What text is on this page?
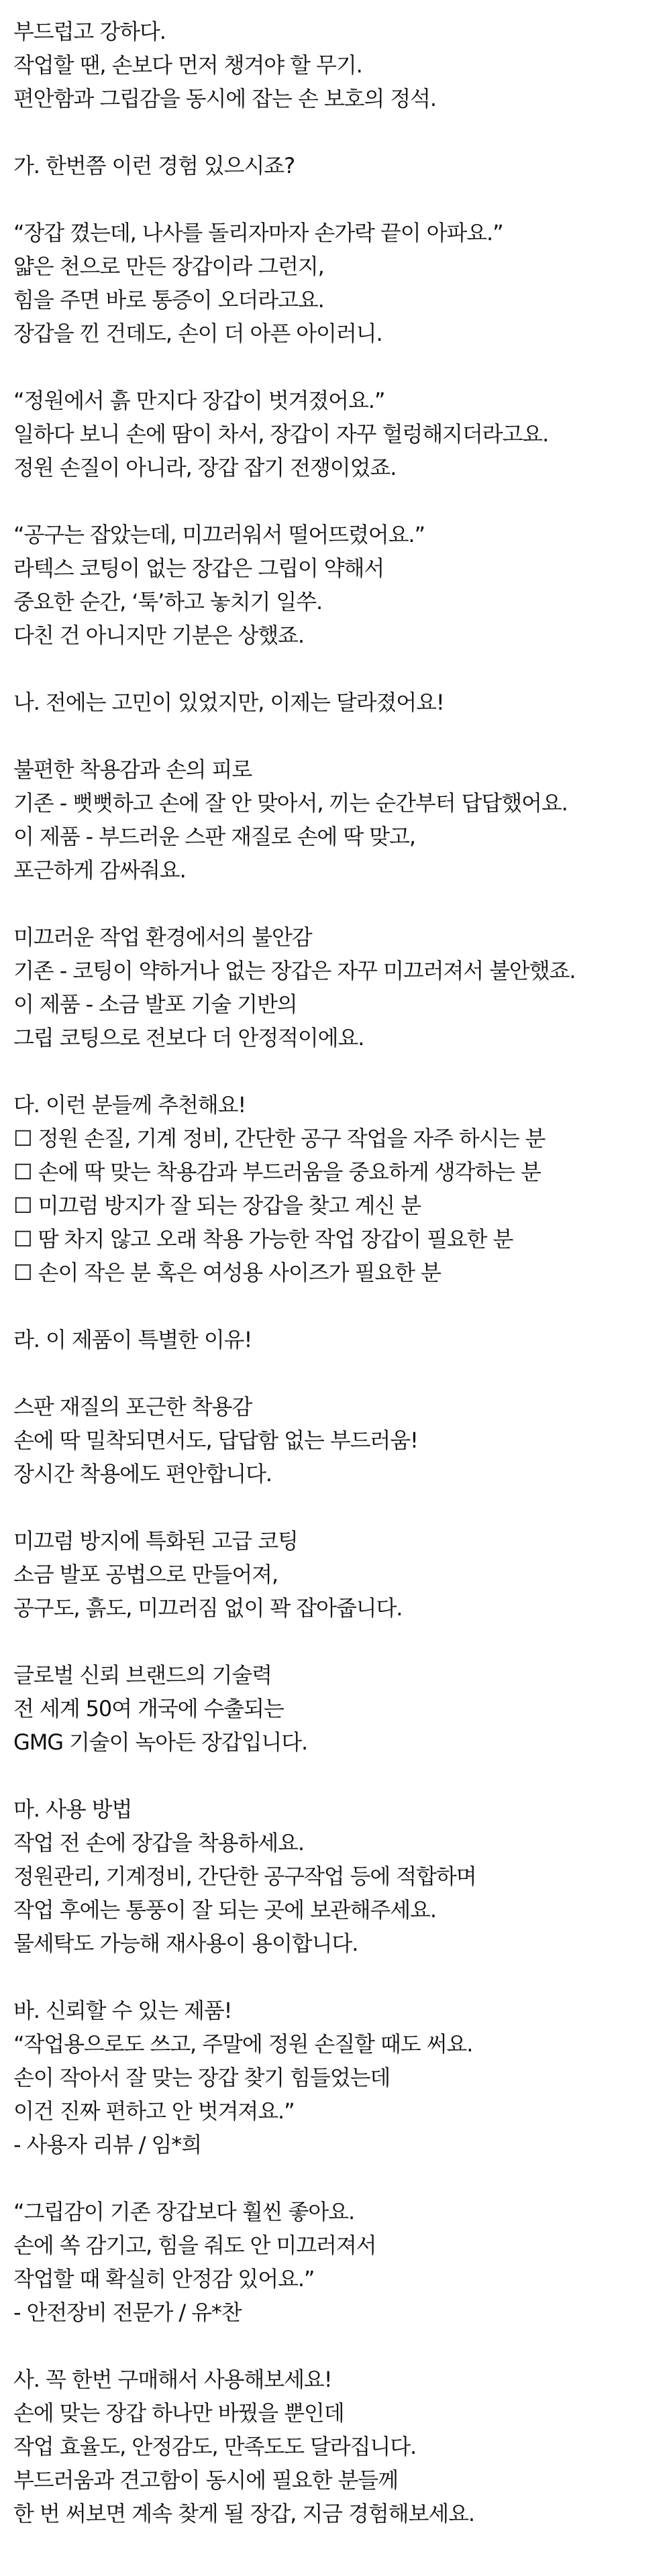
부드럽고 강하다.
작업할 땐, 손보다 먼저 챙겨야 할 무기.
편안함과 그립감을 동시에 잡는 손 보호의 정석.
가. 한번쯤 이런 경험 있으시죠?
“장갑 꼈는데, 나사를 돌리자마자 손가락 끝이 아파요.”
얇은 천으로 만든 장갑이라 그런지,
힘을 주면 바로 통증이 오더라고요.
장갑을 낀 건데도, 손이 더 아픈 아이러니.
“정원에서 흙 만지다 장갑이 벗겨졌어요.”
일하다 보니 손에 땀이 차서, 장갑이 자꾸 헐렁해지더라고요.
정원 손질이 아니라, 장갑 잡기 전쟁이었죠.
“공구는 잡았는데, 미끄러워서 떨어뜨렸어요.”
라텍스 코팅이 없는 장갑은 그립이 약해서
중요한 순간, ‘툭’하고 놓치기 일쑤.
다친 건 아니지만 기분은 상했죠.
나. 전에는 고민이 있었지만, 이제는 달라졌어요!
불편한 착용감과 손의 피로
기존 - 뻣뻣하고 손에 잘 안 맞아서, 끼는 순간부터 답답했어요.
이 제품 - 부드러운 스판 재질로 손에 딱 맞고,
포근하게 감싸줘요.
미끄러운 작업 환경에서의 불안감
기존 - 코팅이 약하거나 없는 장갑은 자꾸 미끄러져서 불안했죠.
이 제품 - 소금 발포 기술 기반의
그립 코팅으로 전보다 더 안정적이에요.
다. 이런 분들께 추천해요!
☐ 정원 손질, 기계 정비, 간단한 공구 작업을 자주 하시는 분
☐ 손에 딱 맞는 착용감과 부드러움을 중요하게 생각하는 분
☐ 미끄럼 방지가 잘 되는 장갑을 찾고 계신 분
☐ 땀 차지 않고 오래 착용 가능한 작업 장갑이 필요한 분
☐ 손이 작은 분 혹은 여성용 사이즈가 필요한 분
라. 이 제품이 특별한 이유!
스판 재질의 포근한 착용감
손에 딱 밀착되면서도, 답답함 없는 부드러움!
장시간 착용에도 편안합니다.
미끄럼 방지에 특화된 고급 코팅
소금 발포 공법으로 만들어져,
공구도, 흙도, 미끄러짐 없이 꽉 잡아줍니다.
글로벌 신뢰 브랜드의 기술력
전 세계 50여 개국에 수출되는
GMG 기술이 녹아든 장갑입니다.
마. 사용 방법
작업 전 손에 장갑을 착용하세요.
정원관리, 기계정비, 간단한 공구작업 등에 적합하며
작업 후에는 통풍이 잘 되는 곳에 보관해주세요.
물세탁도 가능해 재사용이 용이합니다.
바. 신뢰할 수 있는 제품!
“작업용으로도 쓰고, 주말에 정원 손질할 때도 써요.
손이 작아서 잘 맞는 장갑 찾기 힘들었는데
이건 진짜 편하고 안 벗겨져요.”
- 사용자 리뷰 / 임*희
“그립감이 기존 장갑보다 훨씬 좋아요.
손에 쏙 감기고, 힘을 줘도 안 미끄러져서
작업할 때 확실히 안정감 있어요.”
- 안전장비 전문가 / 유*찬
사. 꼭 한번 구매해서 사용해보세요!
손에 맞는 장갑 하나만 바꿨을 뿐인데
작업 효율도, 안정감도, 만족도도 달라집니다.
부드러움과 견고함이 동시에 필요한 분들께
한 번 써보면 계속 찾게 될 장갑, 지금 경험해보세요.
